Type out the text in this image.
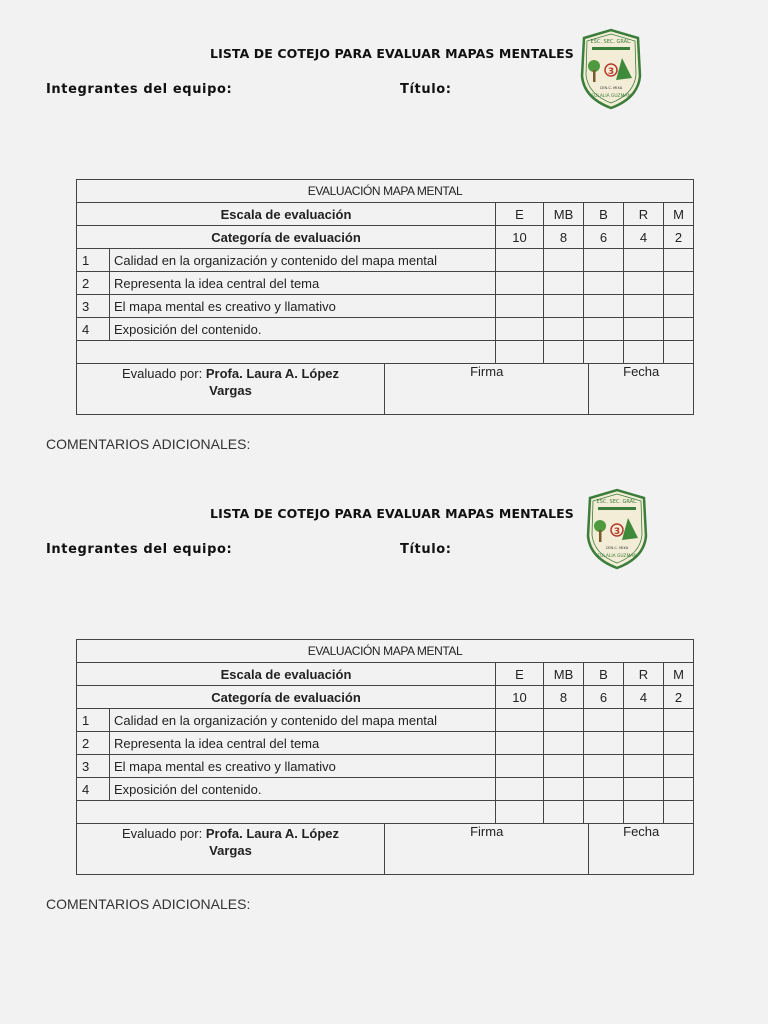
LISTA DE COTEJO PARA EVALUAR MAPAS MENTALES
Integrantes del equipo:	Título:
ESC. SEC. GRAL.
3
CEN.C. MIXA
EULALIA GUZMAN
EVALUACIÓN MAPA MENTAL
Escala de evaluación	E	MB	B	R	M
Categoría de evaluación	10	8	6	4	2
1	Calidad en la organización y contenido del mapa mental					
2	Representa la idea central del tema					
3	El mapa mental es creativo y llamativo					
4	Exposición del contenido.					

Evaluado por: Profa. Laura A. López
Vargas
	Firma	Fecha
COMENTARIOS ADICIONALES:
LISTA DE COTEJO PARA EVALUAR MAPAS MENTALES
Integrantes del equipo:	Título:
ESC. SEC. GRAL.
3
CEN.C. MIXA
EULALIA GUZMAN
EVALUACIÓN MAPA MENTAL
Escala de evaluación	E	MB	B	R	M
Categoría de evaluación	10	8	6	4	2
1	Calidad en la organización y contenido del mapa mental					
2	Representa la idea central del tema					
3	El mapa mental es creativo y llamativo					
4	Exposición del contenido.					

Evaluado por: Profa. Laura A. López
Vargas
	Firma	Fecha
COMENTARIOS ADICIONALES:
